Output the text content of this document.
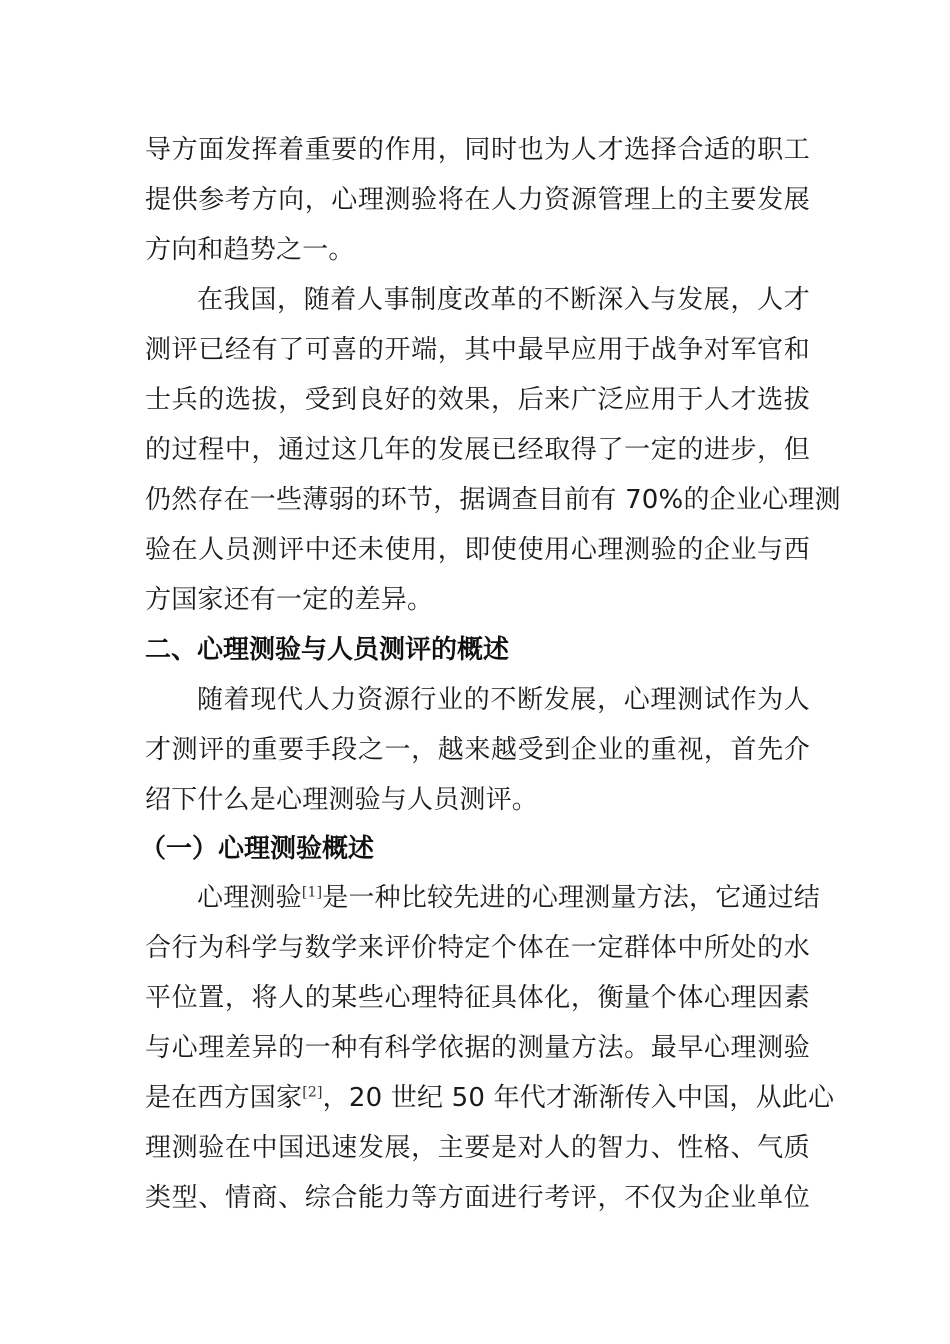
导方面发挥着重要的作用，同时也为人才选择合适的职工
提供参考方向，心理测验将在人力资源管理上的主要发展
方向和趋势之一。
在我国，随着人事制度改革的不断深入与发展，人才
测评已经有了可喜的开端，其中最早应用于战争对军官和
士兵的选拔，受到良好的效果，后来广泛应用于人才选拔
的过程中，通过这几年的发展已经取得了一定的进步，但
仍然存在一些薄弱的环节，据调查目前有 70%的企业心理测
验在人员测评中还未使用，即使使用心理测验的企业与西
方国家还有一定的差异。
二、心理测验与人员测评的概述
随着现代人力资源行业的不断发展，心理测试作为人
才测评的重要手段之一，越来越受到企业的重视，首先介
绍下什么是心理测验与人员测评。
（一）心理测验概述
心理测验[1]是一种比较先进的心理测量方法，它通过结
合行为科学与数学来评价特定个体在一定群体中所处的水
平位置，将人的某些心理特征具体化，衡量个体心理因素
与心理差异的一种有科学依据的测量方法。最早心理测验
是在西方国家[2]，20 世纪 50 年代才渐渐传入中国，从此心
理测验在中国迅速发展，主要是对人的智力、性格、气质
类型、情商、综合能力等方面进行考评，不仅为企业单位
